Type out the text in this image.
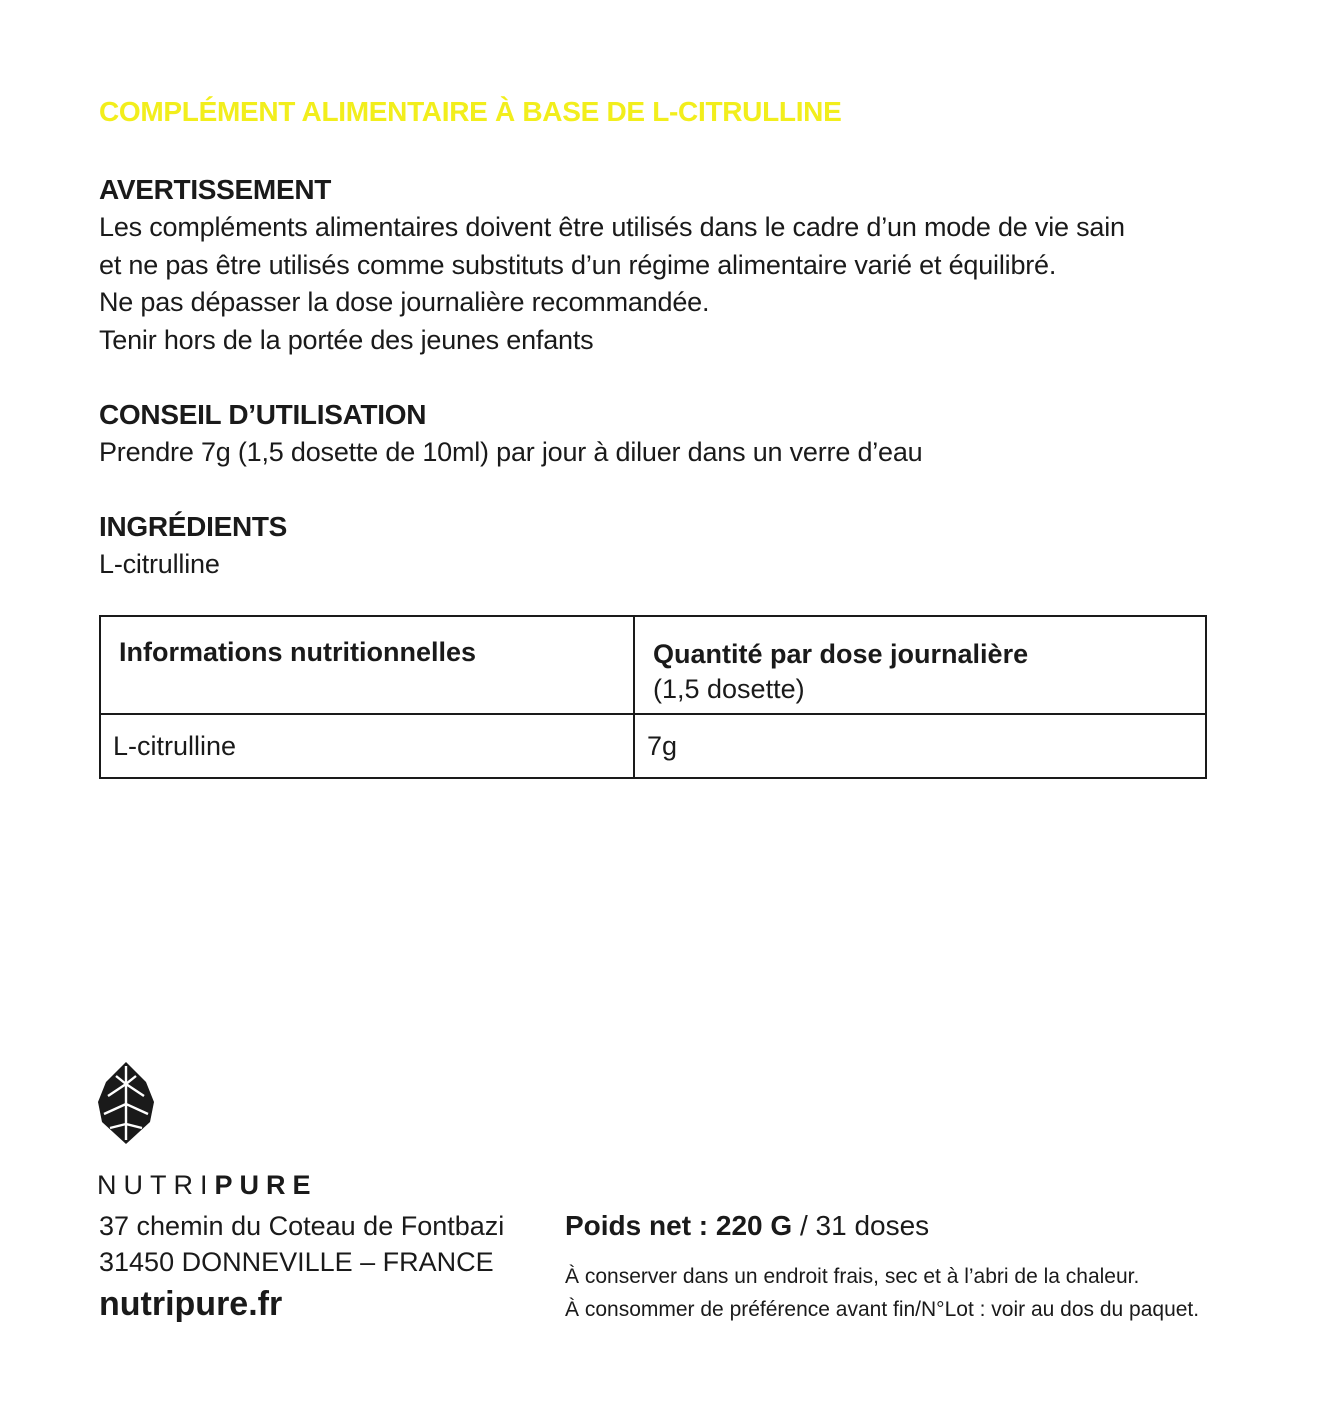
COMPLÉMENT ALIMENTAIRE À BASE DE L-CITRULLINE
AVERTISSEMENT

Les compléments alimentaires doivent être utilisés dans le cadre d’un mode de vie sain

et ne pas être utilisés comme substituts d’un régime alimentaire varié et équilibré.

Ne pas dépasser la dose journalière recommandée.

Tenir hors de la portée des jeunes enfants

CONSEIL D’UTILISATION

Prendre 7g (1,5 dosette de 10ml) par jour à diluer dans un verre d’eau

INGRÉDIENTS

L-citrulline

Informations nutritionnelles	Quantité par dose journalière
(1,5 dosette)
L-citrulline	7g
NUTRIPURE
37 chemin du Coteau de Fontbazi
31450 DONNEVILLE – FRANCE
nutripure.fr
Poids net : 220 G / 31 doses
À conserver dans un endroit frais, sec et à l’abri de la chaleur.
À consommer de préférence avant fin/N°Lot : voir au dos du paquet.
